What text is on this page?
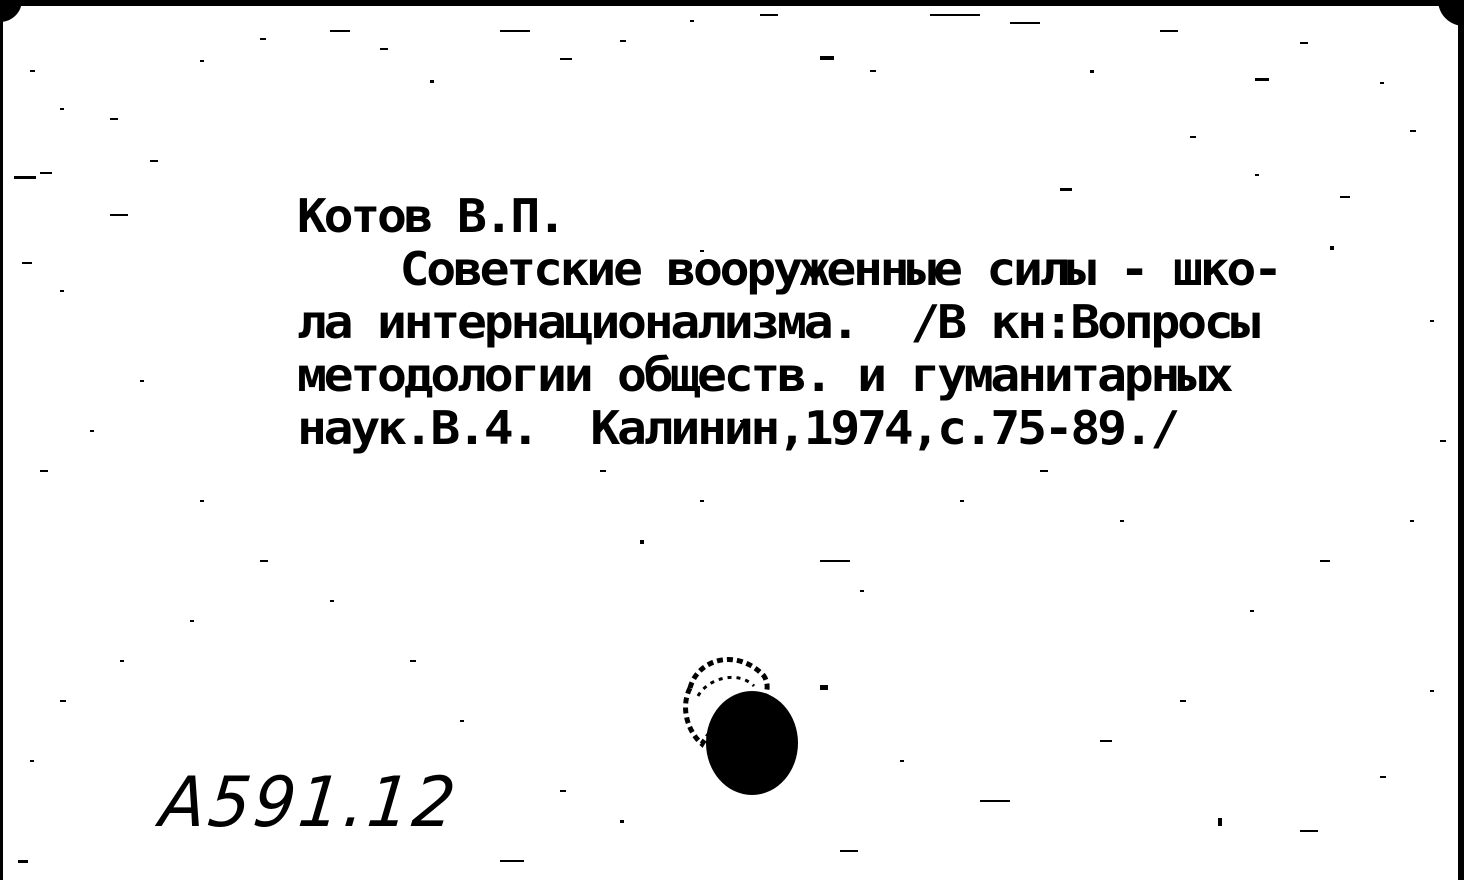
Котов В.П.
Советские вооруженные силы - шко-
ла интернационализма.  /В кн:Вопросы
методологии обществ. и гуманитарных
наук.В.4.  Калинин,1974,с.75-89./
A591.12
